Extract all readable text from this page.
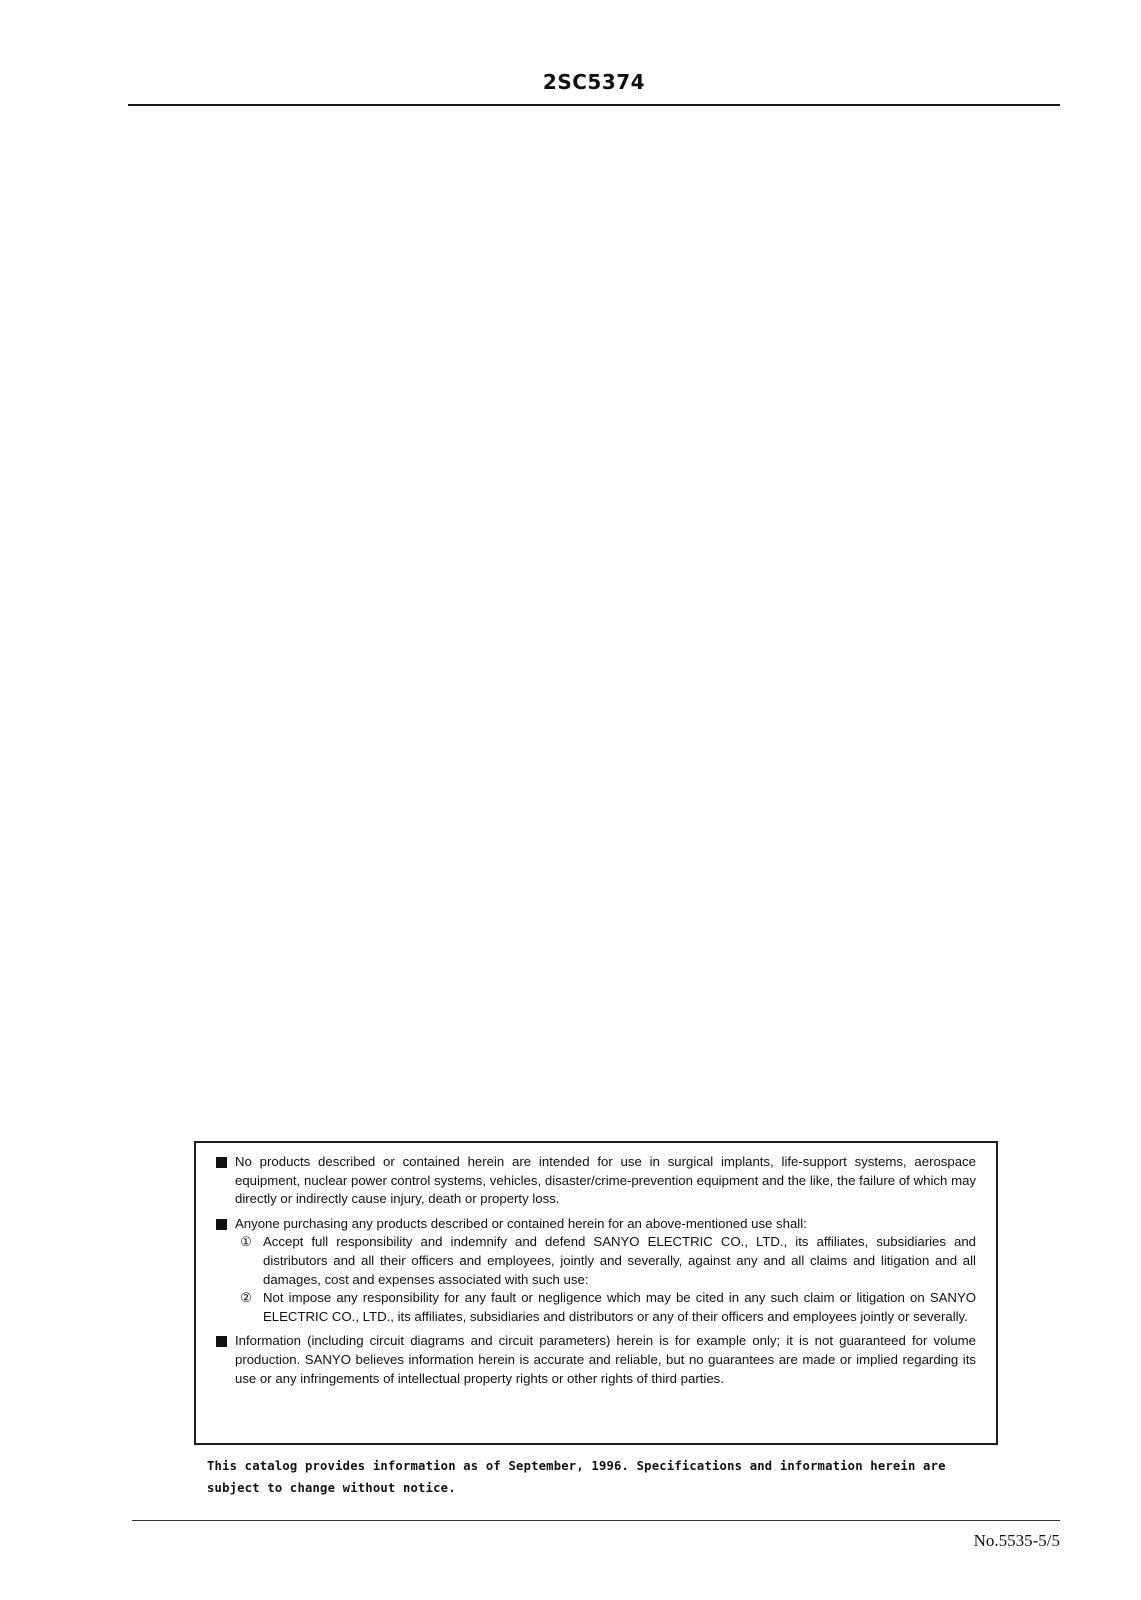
2SC5374
No products described or contained herein are intended for use in surgical implants, life-support systems, aerospace equipment, nuclear power control systems, vehicles, disaster/crime-prevention equipment and the like, the failure of which may directly or indirectly cause injury, death or property loss.
Anyone purchasing any products described or contained herein for an above-mentioned use shall:
① Accept full responsibility and indemnify and defend SANYO ELECTRIC CO., LTD., its affiliates, subsidiaries and distributors and all their officers and employees, jointly and severally, against any and all claims and litigation and all damages, cost and expenses associated with such use:
② Not impose any responsibility for any fault or negligence which may be cited in any such claim or litigation on SANYO ELECTRIC CO., LTD., its affiliates, subsidiaries and distributors or any of their officers and employees jointly or severally.
Information (including circuit diagrams and circuit parameters) herein is for example only; it is not guaranteed for volume production. SANYO believes information herein is accurate and reliable, but no guarantees are made or implied regarding its use or any infringements of intellectual property rights or other rights of third parties.
This catalog provides information as of September, 1996. Specifications and information herein are
subject to change without notice.
No.5535-5/5
